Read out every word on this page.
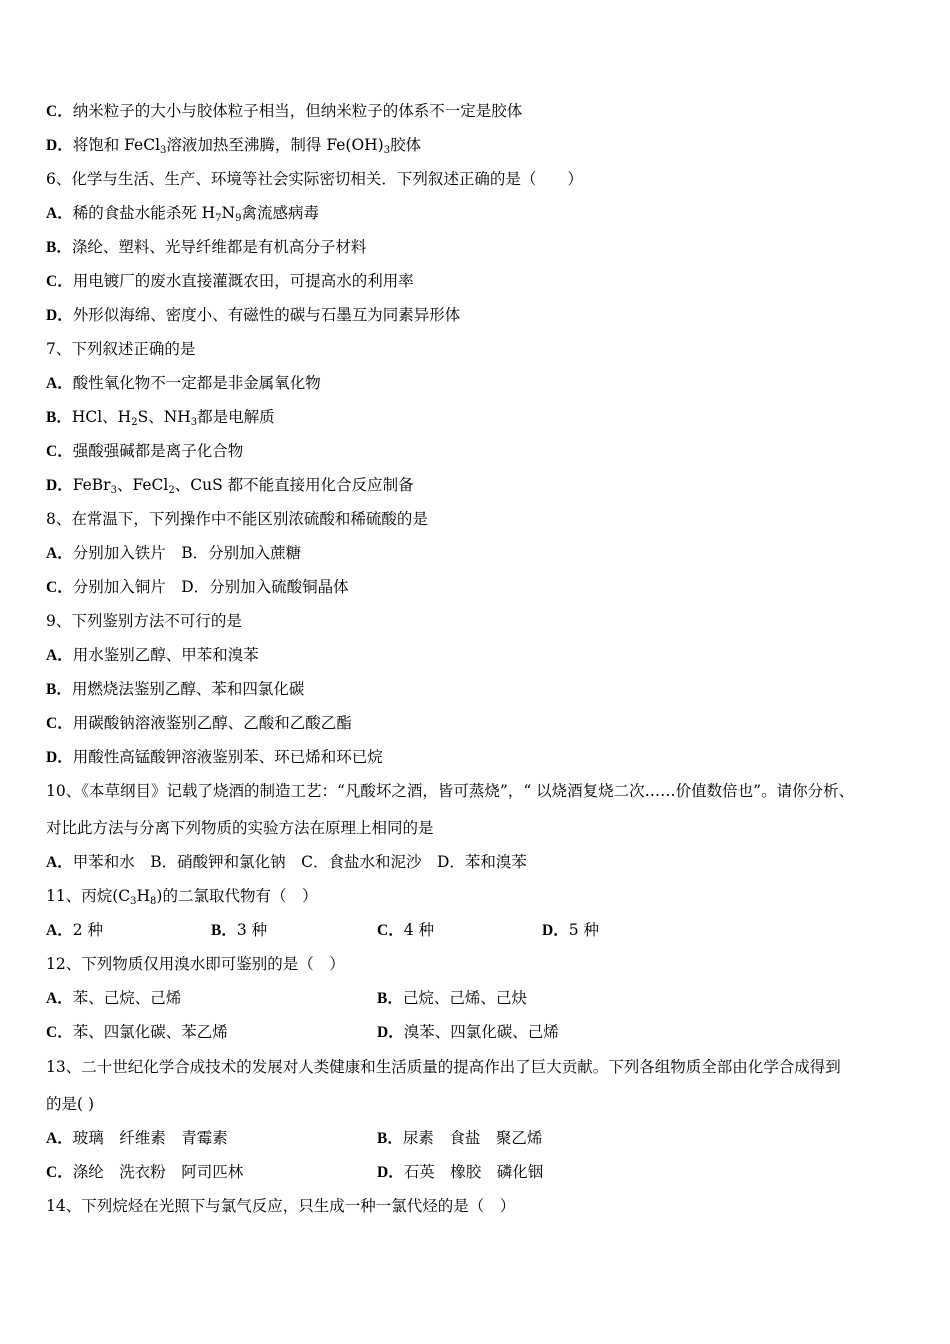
C．纳米粒子的大小与胶体粒子相当，但纳米粒子的体系不一定是胶体
D．将饱和 FeCl$_3$溶液加热至沸腾，制得 $Fe(OH)_3$胶体
6、化学与生活、生产、环境等社会实际密切相关．下列叙述正确的是（　　）
A．稀的食盐水能杀死 $H_7N_9$禽流感病毒
B．涤纶、塑料、光导纤维都是有机高分子材料
C．用电镀厂的废水直接灌溉农田，可提高水的利用率
D．外形似海绵、密度小、有磁性的碳与石墨互为同素异形体
7、下列叙述正确的是
A．酸性氧化物不一定都是非金属氧化物
B．HCl、$H_2S$、$NH_3$都是电解质
C．强酸强碱都是离子化合物
D．FeBr$_3$、FeCl$_2$、CuS 都不能直接用化合反应制备
8、在常温下，下列操作中不能区别浓硫酸和稀硫酸的是
A．分别加入铁片　B．分别加入蔗糖
C．分别加入铜片　D．分别加入硫酸铜晶体
9、下列鉴别方法不可行的是
A．用水鉴别乙醇、甲苯和溴苯
B．用燃烧法鉴别乙醇、苯和四氯化碳
C．用碳酸钠溶液鉴别乙醇、乙酸和乙酸乙酯
D．用酸性高锰酸钾溶液鉴别苯、环已烯和环已烷
10、《本草纲目》记载了烧酒的制造工艺：“凡酸坏之酒，皆可蒸烧”，“ 以烧酒复烧二次……价值数倍也”。请你分析、
对比此方法与分离下列物质的实验方法在原理上相同的是
A．甲苯和水　B．硝酸钾和氯化钠　C．食盐水和泥沙　D．苯和溴苯
11、丙烷$(C_3H_8)$的二氯取代物有（　）
A．2 种	B．3 种	C．4 种	D．5 种
12、下列物质仅用溴水即可鉴别的是（　）
A．苯、己烷、己烯	B．己烷、己烯、己炔
C．苯、四氯化碳、苯乙烯	D．溴苯、四氯化碳、己烯
13、二十世纪化学合成技术的发展对人类健康和生活质量的提高作出了巨大贡献。下列各组物质全部由化学合成得到
的是( )
A．玻璃　纤维素　青霉素	B．尿素　食盐　聚乙烯
C．涤纶　洗衣粉　阿司匹林	D．石英　橡胶　磷化铟
14、下列烷烃在光照下与氯气反应，只生成一种一氯代烃的是（　）
